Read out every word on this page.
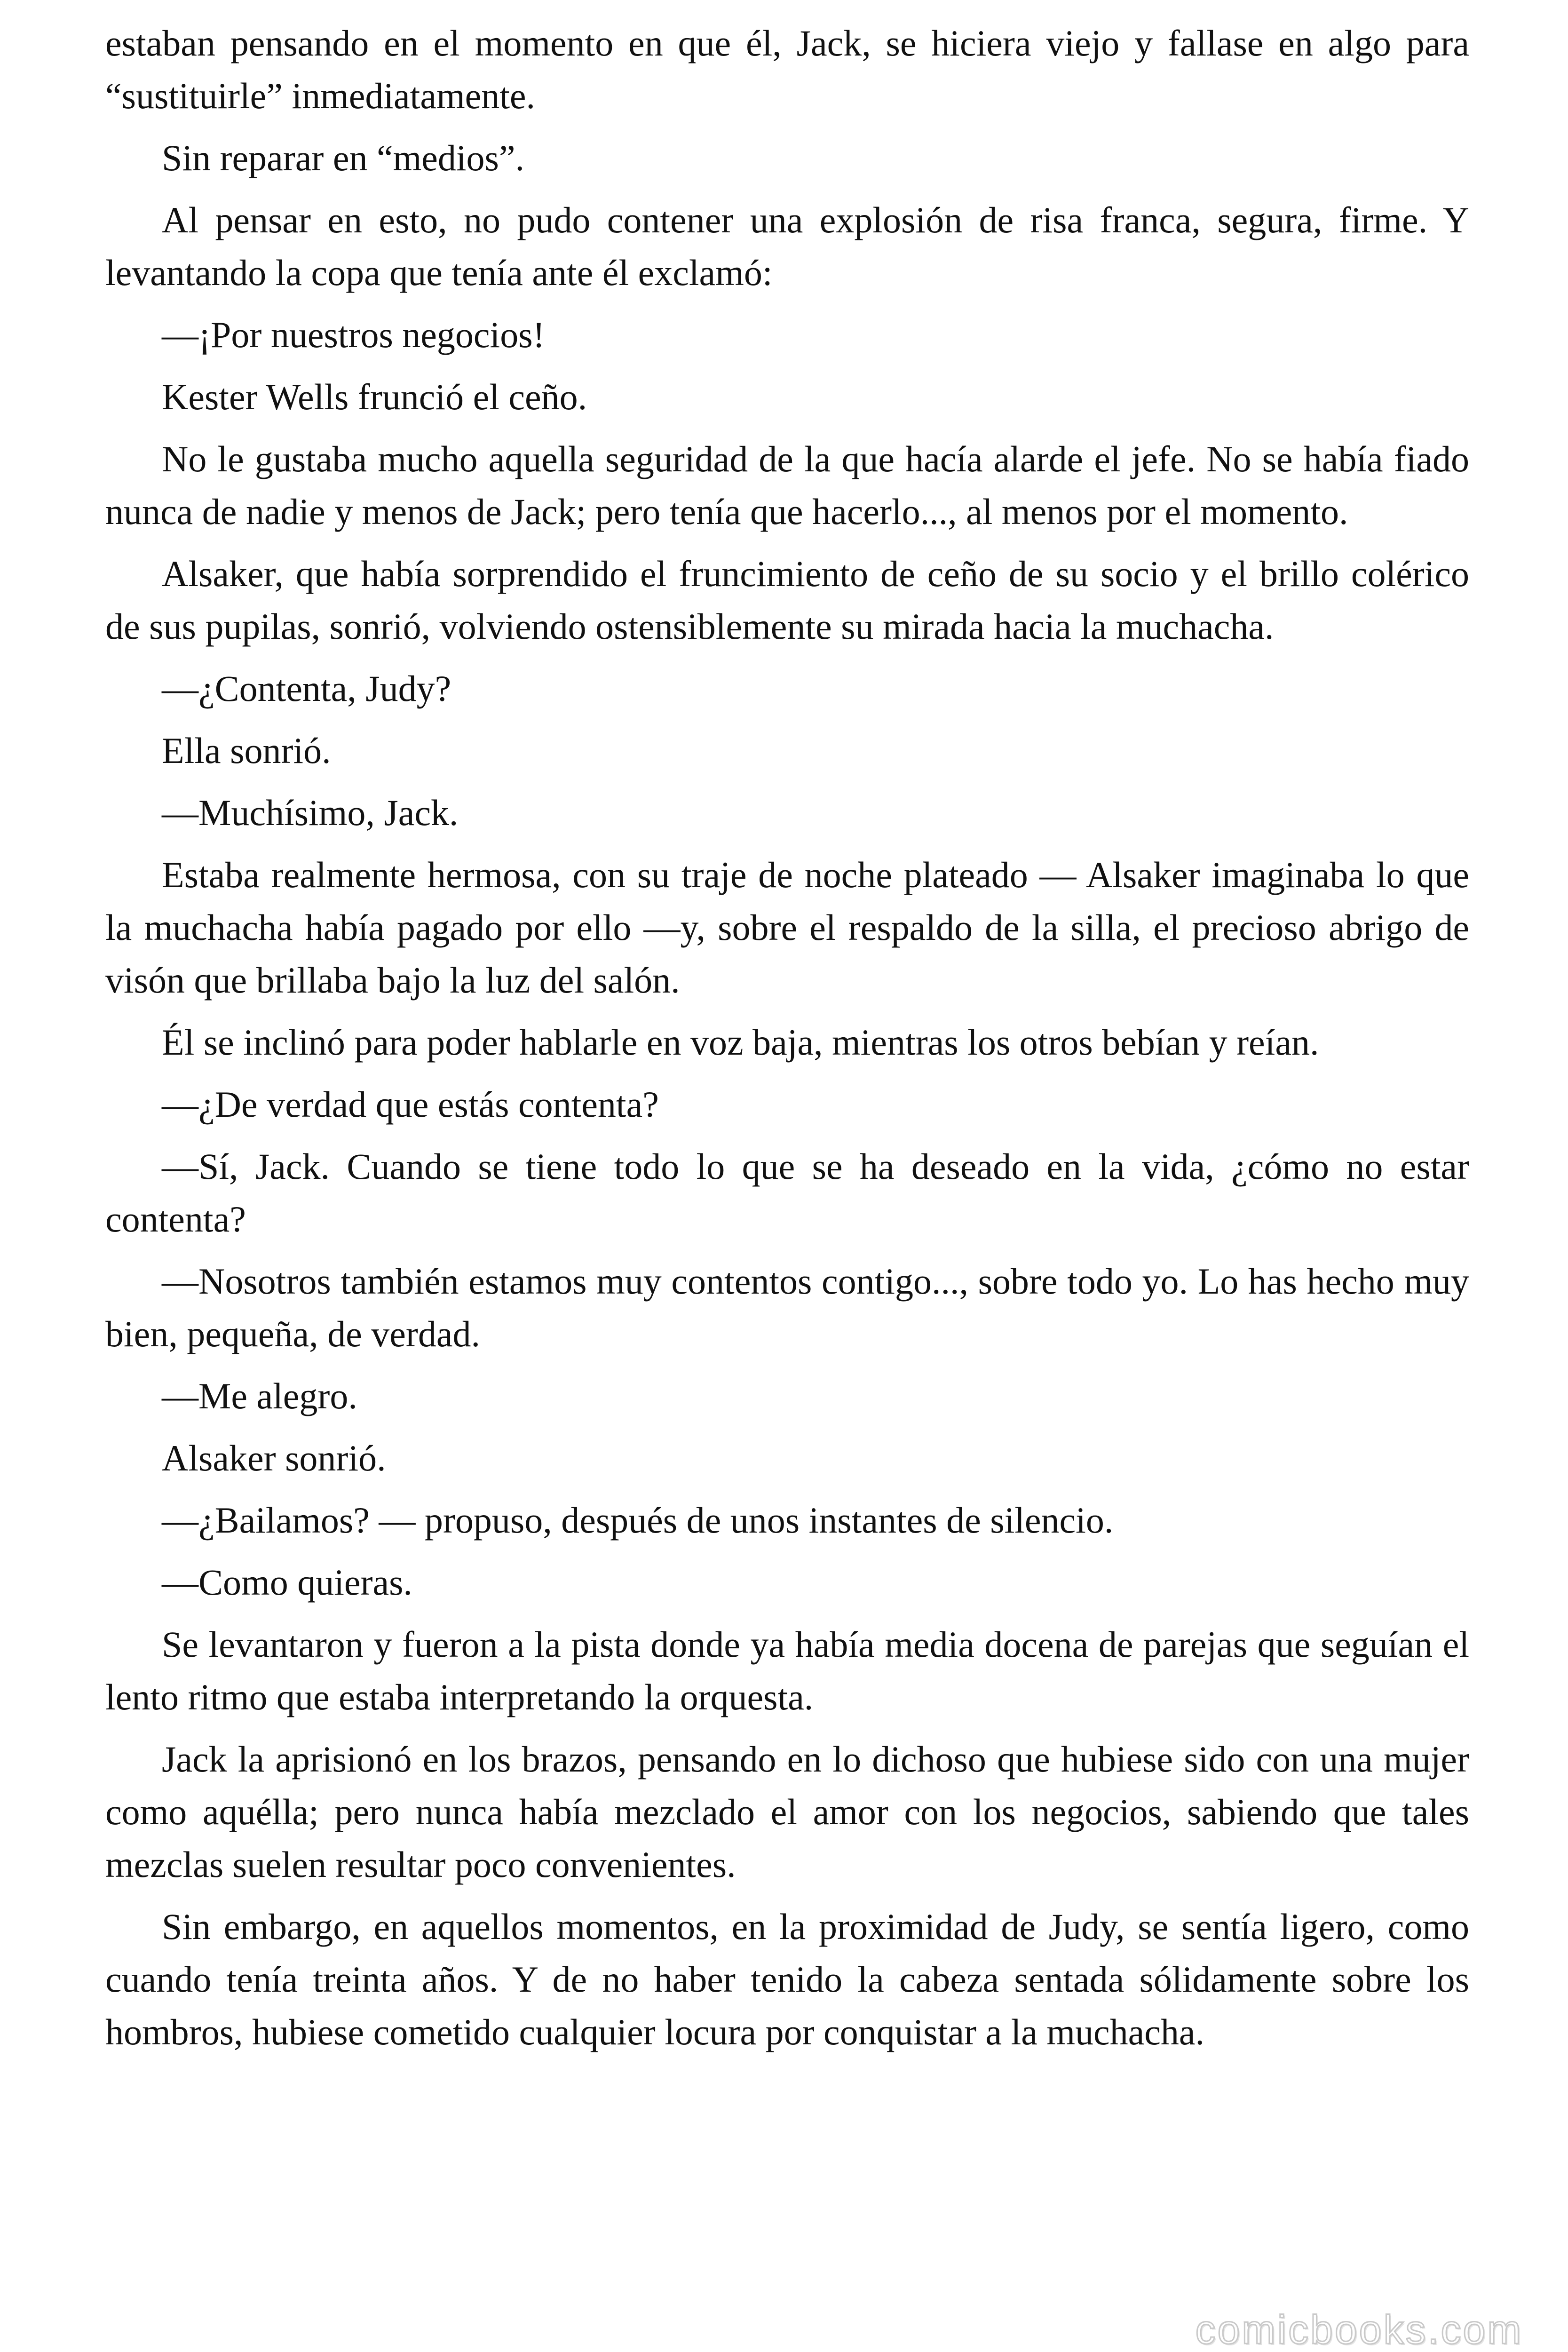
estaban pensando en el momento en que él, Jack, se hiciera viejo y fallase en algo para “sustituirle” inmediatamente.

Sin reparar en “medios”.

Al pensar en esto, no pudo contener una explosión de risa franca, segura, firme. Y levantando la copa que tenía ante él exclamó:

—¡Por nuestros negocios!

Kester Wells frunció el ceño.

No le gustaba mucho aquella seguridad de la que hacía alarde el jefe. No se había fiado nunca de nadie y menos de Jack; pero tenía que hacerlo..., al menos por el momento.

Alsaker, que había sorprendido el fruncimiento de ceño de su socio y el brillo colérico de sus pupilas, sonrió, volviendo ostensiblemente su mirada hacia la muchacha.

—¿Contenta, Judy?

Ella sonrió.

—Muchísimo, Jack.

Estaba realmente hermosa, con su traje de noche plateado — Alsaker imaginaba lo que la muchacha había pagado por ello —y, sobre el respaldo de la silla, el precioso abrigo de visón que brillaba bajo la luz del salón.

Él se inclinó para poder hablarle en voz baja, mientras los otros bebían y reían.

—¿De verdad que estás contenta?

—Sí, Jack. Cuando se tiene todo lo que se ha deseado en la vida, ¿cómo no estar contenta?

—Nosotros también estamos muy contentos contigo..., sobre todo yo. Lo has hecho muy bien, pequeña, de verdad.

—Me alegro.

Alsaker sonrió.

—¿Bailamos? — propuso, después de unos instantes de silencio.

—Como quieras.

Se levantaron y fueron a la pista donde ya había media docena de parejas que seguían el lento ritmo que estaba interpretando la orquesta.

Jack la aprisionó en los brazos, pensando en lo dichoso que hubiese sido con una mujer como aquélla; pero nunca había mezclado el amor con los negocios, sabiendo que tales mezclas suelen resultar poco convenientes.

Sin embargo, en aquellos momentos, en la proximidad de Judy, se sentía ligero, como cuando tenía treinta años. Y de no haber tenido la cabeza sentada sólidamente sobre los hombros, hubiese cometido cualquier locura por conquistar a la muchacha.

comicbooks.com
